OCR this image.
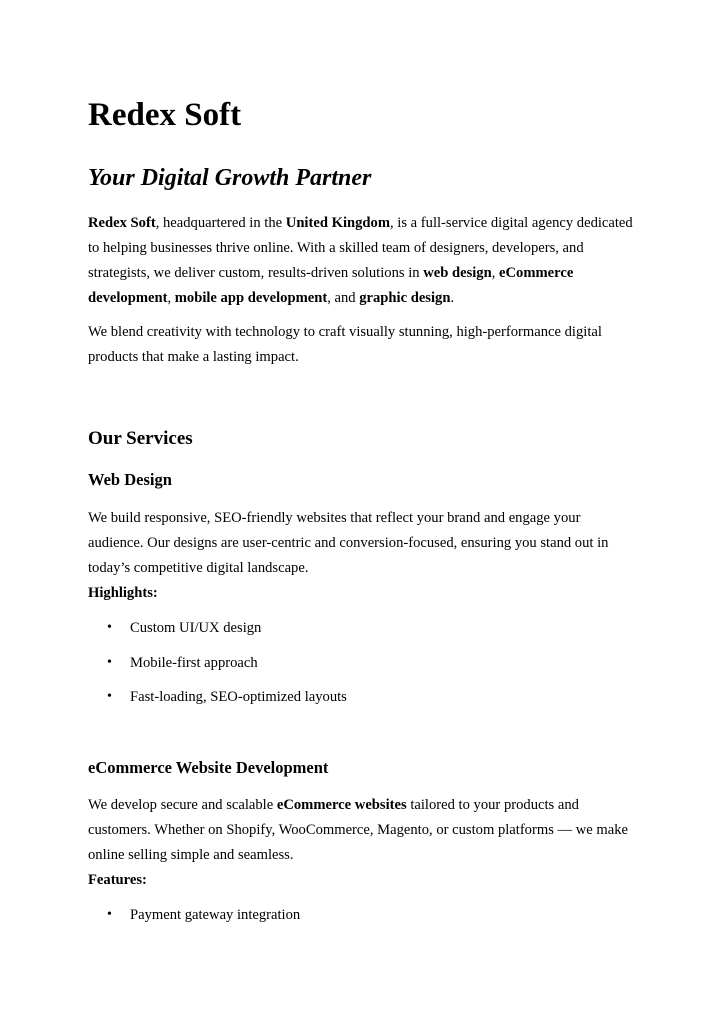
Redex Soft

Your Digital Growth Partner

Redex Soft, headquartered in the United Kingdom, is a full-service digital agency dedicated to helping businesses thrive online. With a skilled team of designers, developers, and strategists, we deliver custom, results-driven solutions in web design, eCommerce development, mobile app development, and graphic design.

We blend creativity with technology to craft visually stunning, high-performance digital products that make a lasting impact.

Our Services
Web Design

We build responsive, SEO-friendly websites that reflect your brand and engage your audience. Our designs are user-centric and conversion-focused, ensuring you stand out in today’s competitive digital landscape.
Highlights:

• Custom UI/UX design
• Mobile-first approach
• Fast-loading, SEO-optimized layouts
eCommerce Website Development

We develop secure and scalable eCommerce websites tailored to your products and customers. Whether on Shopify, WooCommerce, Magento, or custom platforms — we make online selling simple and seamless.
Features:

• Payment gateway integration
